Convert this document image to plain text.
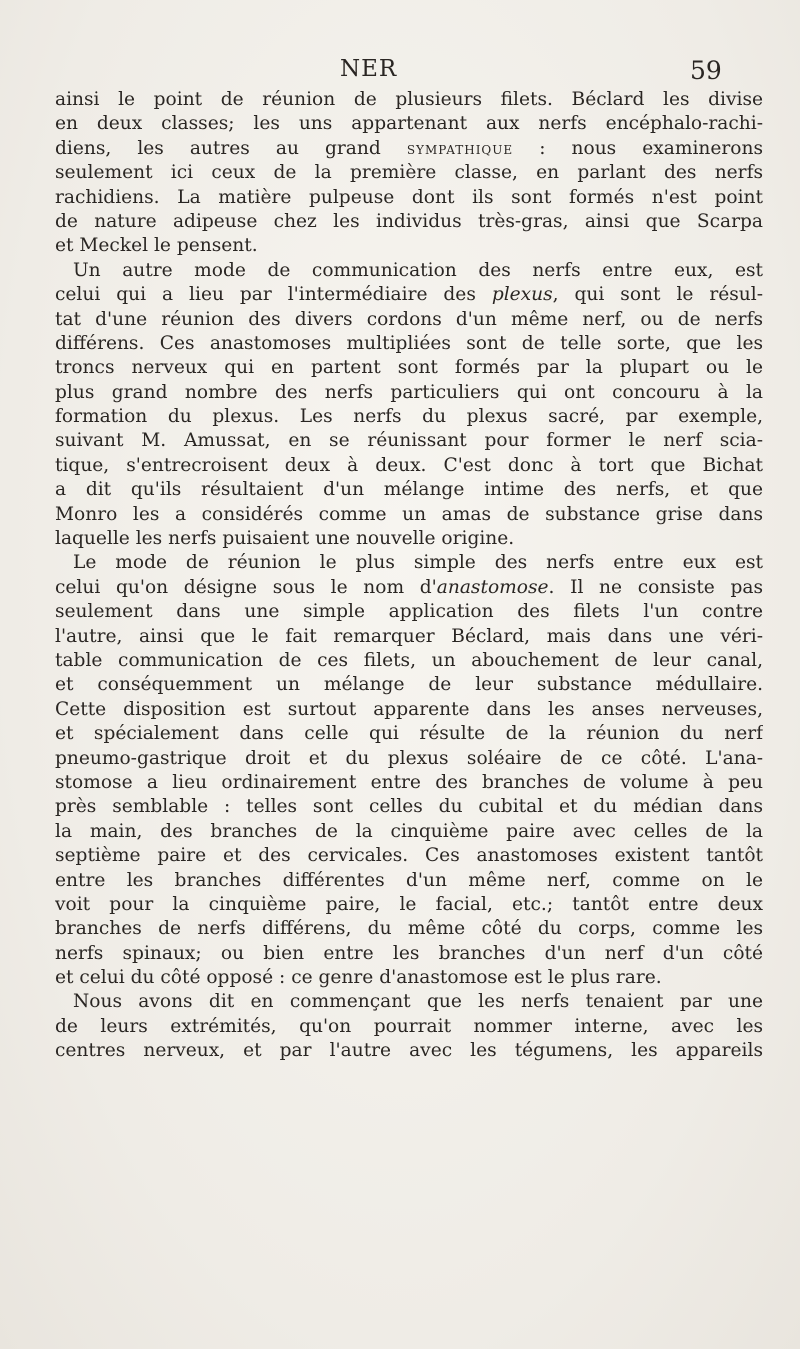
NER	59
ainsi le point de réunion de plusieurs filets. Béclard les divise
en deux classes; les uns appartenant aux nerfs encéphalo-rachi-
diens, les autres au grand sympathique : nous examinerons
seulement ici ceux de la première classe, en parlant des nerfs
rachidiens. La matière pulpeuse dont ils sont formés n'est point
de nature adipeuse chez les individus très-gras, ainsi que Scarpa
et Meckel le pensent.
Un autre mode de communication des nerfs entre eux, est
celui qui a lieu par l'intermédiaire des plexus, qui sont le résul-
tat d'une réunion des divers cordons d'un même nerf, ou de nerfs
différens. Ces anastomoses multipliées sont de telle sorte, que les
troncs nerveux qui en partent sont formés par la plupart ou le
plus grand nombre des nerfs particuliers qui ont concouru à la
formation du plexus. Les nerfs du plexus sacré, par exemple,
suivant M. Amussat, en se réunissant pour former le nerf scia-
tique, s'entrecroisent deux à deux. C'est donc à tort que Bichat
a dit qu'ils résultaient d'un mélange intime des nerfs, et que
Monro les a considérés comme un amas de substance grise dans
laquelle les nerfs puisaient une nouvelle origine.
Le mode de réunion le plus simple des nerfs entre eux est
celui qu'on désigne sous le nom d'anastomose. Il ne consiste pas
seulement dans une simple application des filets l'un contre
l'autre, ainsi que le fait remarquer Béclard, mais dans une véri-
table communication de ces filets, un abouchement de leur canal,
et conséquemment un mélange de leur substance médullaire.
Cette disposition est surtout apparente dans les anses nerveuses,
et spécialement dans celle qui résulte de la réunion du nerf
pneumo-gastrique droit et du plexus soléaire de ce côté. L'ana-
stomose a lieu ordinairement entre des branches de volume à peu
près semblable : telles sont celles du cubital et du médian dans
la main, des branches de la cinquième paire avec celles de la
septième paire et des cervicales. Ces anastomoses existent tantôt
entre les branches différentes d'un même nerf, comme on le
voit pour la cinquième paire, le facial, etc.; tantôt entre deux
branches de nerfs différens, du même côté du corps, comme les
nerfs spinaux; ou bien entre les branches d'un nerf d'un côté
et celui du côté opposé : ce genre d'anastomose est le plus rare.
Nous avons dit en commençant que les nerfs tenaient par une
de leurs extrémités, qu'on pourrait nommer interne, avec les
centres nerveux, et par l'autre avec les tégumens, les appareils
